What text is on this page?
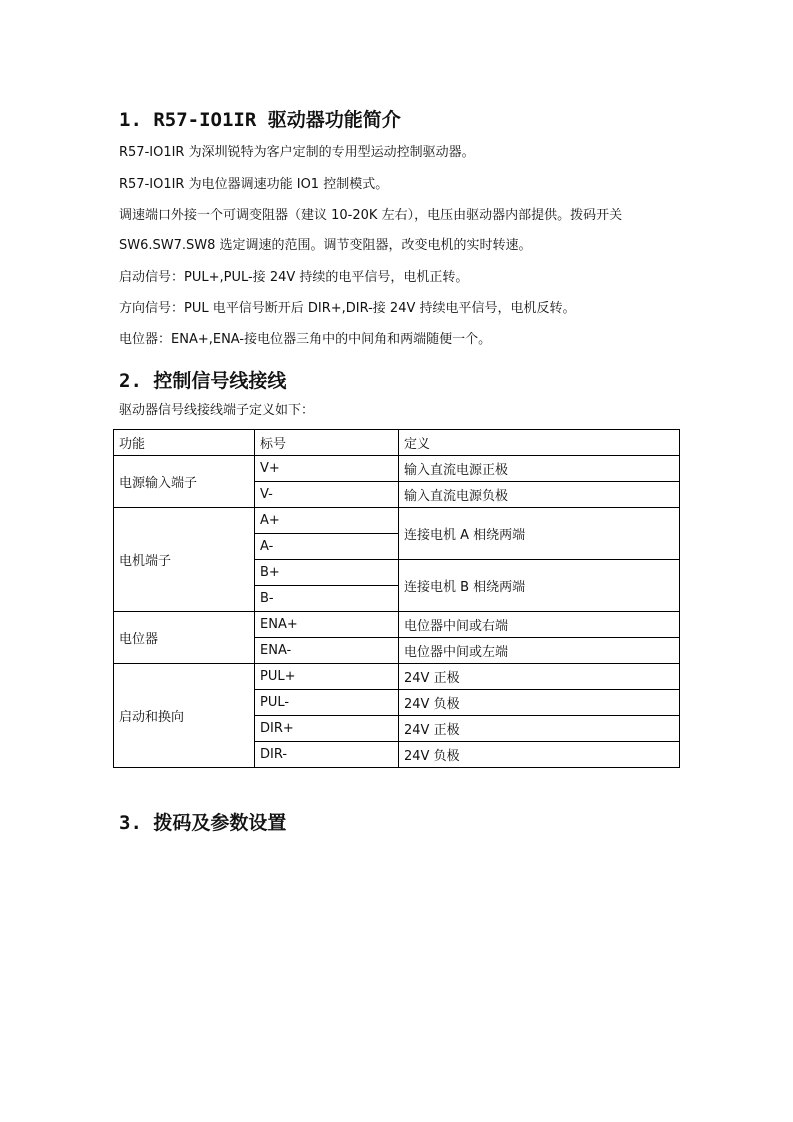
1. R57-IO1IR 驱动器功能简介
R57-IO1IR 为深圳锐特为客户定制的专用型运动控制驱动器。
R57-IO1IR 为电位器调速功能 IO1 控制模式。
调速端口外接一个可调变阻器（建议 10-20K 左右），电压由驱动器内部提供。拨码开关
SW6.SW7.SW8 选定调速的范围。调节变阻器，改变电机的实时转速。
启动信号：PUL+,PUL-接 24V 持续的电平信号，电机正转。
方向信号：PUL 电平信号断开后 DIR+,DIR-接 24V 持续电平信号，电机反转。
电位器：ENA+,ENA-接电位器三角中的中间角和两端随便一个。
2. 控制信号线接线
驱动器信号线接线端子定义如下：
功能	标号	定义
电源输入端子	V+	输入直流电源正极
	V-	输入直流电源负极
电机端子	A+	连接电机 A 相绕两端
	A-	
	B+	连接电机 B 相绕两端
	B-	
电位器	ENA+	电位器中间或右端
	ENA-	电位器中间或左端
启动和换向	PUL+	24V 正极
	PUL-	24V 负极
	DIR+	24V 正极
	DIR-	24V 负极
3. 拨码及参数设置
